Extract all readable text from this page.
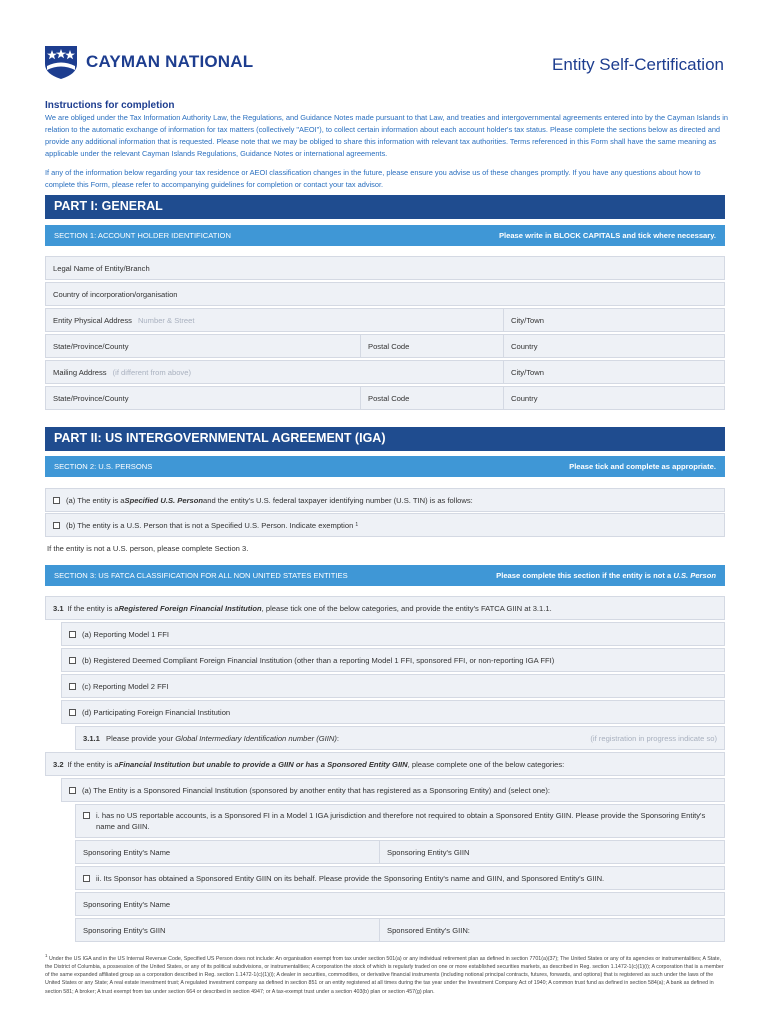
CAYMAN NATIONAL	Entity Self-Certification
Instructions for completion
We are obliged under the Tax Information Authority Law, the Regulations, and Guidance Notes made pursuant to that Law, and treaties and intergovernmental agreements entered into by the Cayman Islands in relation to the automatic exchange of information for tax matters (collectively "AEOI"), to collect certain information about each account holder's tax status. Please complete the sections below as directed and provide any additional information that is requested. Please note that we may be obliged to share this information with relevant tax authorities. Terms referenced in this Form shall have the same meaning as applicable under the relevant Cayman Islands Regulations, Guidance Notes or international agreements.
If any of the information below regarding your tax residence or AEOI classification changes in the future, please ensure you advise us of these changes promptly. If you have any questions about how to complete this Form, please refer to accompanying guidelines for completion or contact your tax advisor.
PART I: GENERAL
SECTION 1: ACCOUNT HOLDER IDENTIFICATION	Please write in BLOCK CAPITALS and tick where necessary.
Legal Name of Entity/Branch
Country of incorporation/organisation
Entity Physical Address Number & Street	City/Town
State/Province/County	Postal Code	Country
Mailing Address (if different from above)	City/Town
State/Province/County	Postal Code	Country
PART II: US INTERGOVERNMENTAL AGREEMENT (IGA)
SECTION 2: U.S. PERSONS	Please tick and complete as appropriate.
(a) The entity is a Specified U.S. Person and the entity's U.S. federal taxpayer identifying number (U.S. TIN) is as follows:
(b) The entity is a U.S. Person that is not a Specified U.S. Person. Indicate exemption 1
If the entity is not a U.S. person, please complete Section 3.
SECTION 3: US FATCA CLASSIFICATION FOR ALL NON UNITED STATES ENTITIES	Please complete this section if the entity is not a U.S. Person
3.1 If the entity is a Registered Foreign Financial Institution , please tick one of the below categories, and provide the entity's FATCA GIIN at 3.1.1.
(a) Reporting Model 1 FFI
(b) Registered Deemed Compliant Foreign Financial Institution (other than a reporting Model 1 FFI, sponsored FFI, or non-reporting IGA FFI)
(c) Reporting Model 2 FFI
(d) Participating Foreign Financial Institution
3.1.1 Please provide your Global Intermediary Identification number (GIIN):	(if registration in progress indicate so)
3.2 If the entity is a Financial Institution but unable to provide a GIIN or has a Sponsored Entity GIIN , please complete one of the below categories:
(a) The Entity is a Sponsored Financial Institution (sponsored by another entity that has registered as a Sponsoring Entity) and (select one):
i. has no US reportable accounts, is a Sponsored FI in a Model 1 IGA jurisdiction and therefore not required to obtain a Sponsored Entity GIIN. Please provide the Sponsoring Entity's name and GIIN.
Sponsoring Entity's Name	Sponsoring Entity's GIIN
ii. Its Sponsor has obtained a Sponsored Entity GIIN on its behalf. Please provide the Sponsoring Entity's name and GIIN, and Sponsored Entity's GIIN.
Sponsoring Entity's Name
Sponsoring Entity's GIIN	Sponsored Entity's GIIN:
$^1$ Under the US IGA and in the US Internal Revenue Code, Specified US Person does not include: An organisation exempt from tax under section 501(a) or any individual retirement plan as defined in section 7701(a)(37); The United States or any of its agencies or instrumentalities; A State, the District of Columbia, a possession of the United States, or any of its political subdivisions, or instrumentalities; A corporation the stock of which is regularly traded on one or more established securities markets, as described in Reg. section 1.1472-1(c)(1)(i); A corporation that is a member of the same expanded affiliated group as a corporation described in Reg. section 1.1472-1(c)(1)(i); A dealer in securities, commodities, or derivative financial instruments (including notional principal contracts, futures, forwards, and options) that is registered as such under the laws of the United States or any State; A real estate investment trust; A regulated investment company as defined in section 851 or an entity registered at all times during the tax year under the Investment Company Act of 1940; A common trust fund as defined in section 584(a); A bank as defined in section 581; A broker; A trust exempt from tax under section 664 or described in section 4947; or A tax-exempt trust under a section 403(b) plan or section 457(g) plan.
